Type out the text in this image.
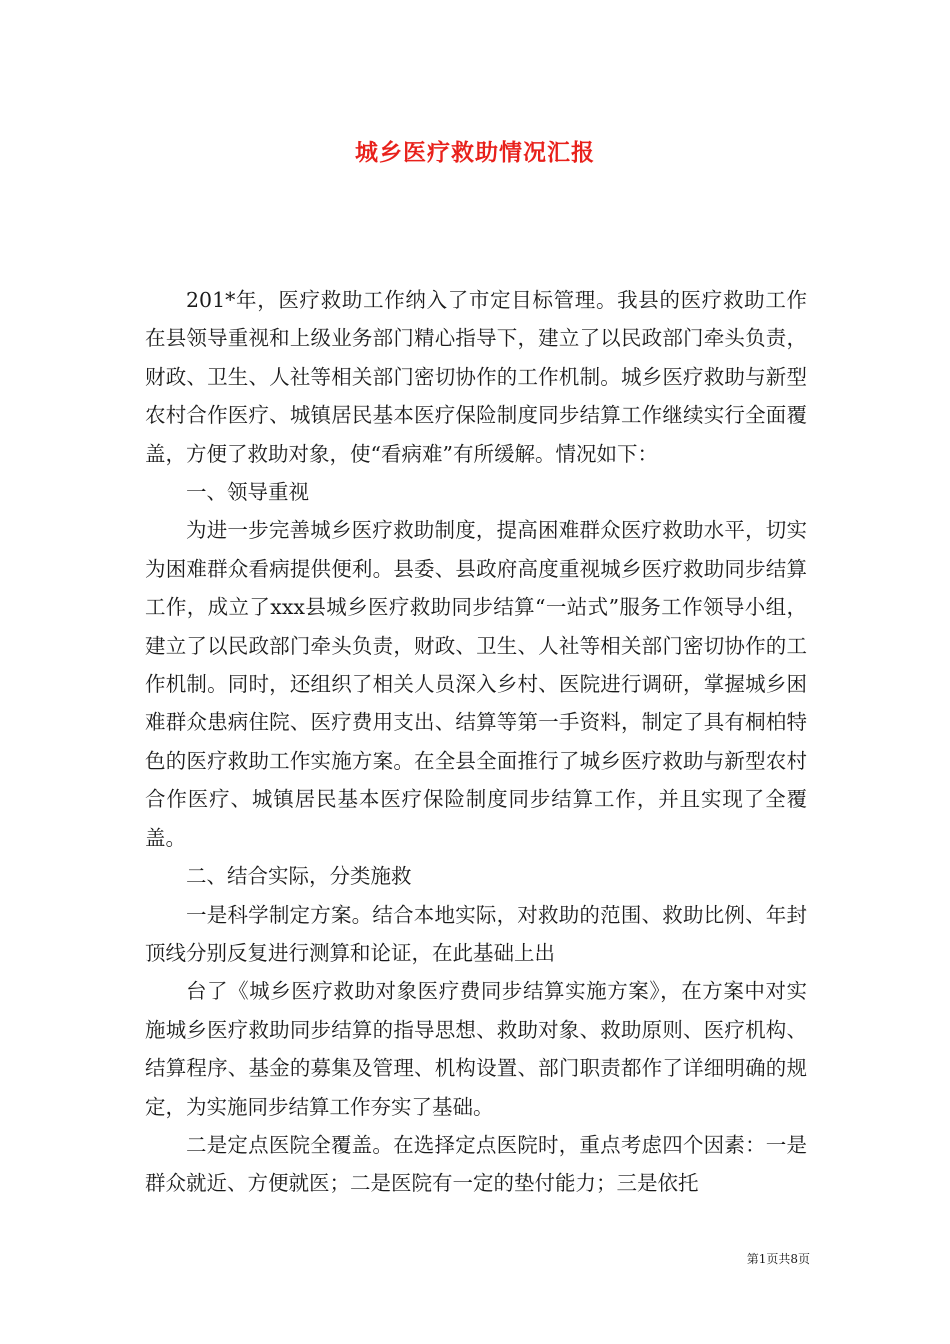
城乡医疗救助情况汇报

201*年，医疗救助工作纳入了市定目标管理。我县的医疗救助工作在县领导重视和上级业务部门精心指导下，建立了以民政部门牵头负责，财政、卫生、人社等相关部门密切协作的工作机制。城乡医疗救助与新型农村合作医疗、城镇居民基本医疗保险制度同步结算工作继续实行全面覆盖，方便了救助对象，使“看病难”有所缓解。情况如下：

一、领导重视

为进一步完善城乡医疗救助制度，提高困难群众医疗救助水平，切实为困难群众看病提供便利。县委、县政府高度重视城乡医疗救助同步结算工作，成立了xxx县城乡医疗救助同步结算“一站式”服务工作领导小组，建立了以民政部门牵头负责，财政、卫生、人社等相关部门密切协作的工作机制。同时，还组织了相关人员深入乡村、医院进行调研，掌握城乡困难群众患病住院、医疗费用支出、结算等第一手资料，制定了具有桐柏特色的医疗救助工作实施方案。在全县全面推行了城乡医疗救助与新型农村合作医疗、城镇居民基本医疗保险制度同步结算工作，并且实现了全覆盖。

二、结合实际，分类施救

一是科学制定方案。结合本地实际，对救助的范围、救助比例、年封顶线分别反复进行测算和论证，在此基础上出

台了《城乡医疗救助对象医疗费同步结算实施方案》，在方案中对实施城乡医疗救助同步结算的指导思想、救助对象、救助原则、医疗机构、结算程序、基金的募集及管理、机构设置、部门职责都作了详细明确的规定，为实施同步结算工作夯实了基础。

二是定点医院全覆盖。在选择定点医院时，重点考虑四个因素：一是群众就近、方便就医；二是医院有一定的垫付能力；三是依托

第1页共8页
